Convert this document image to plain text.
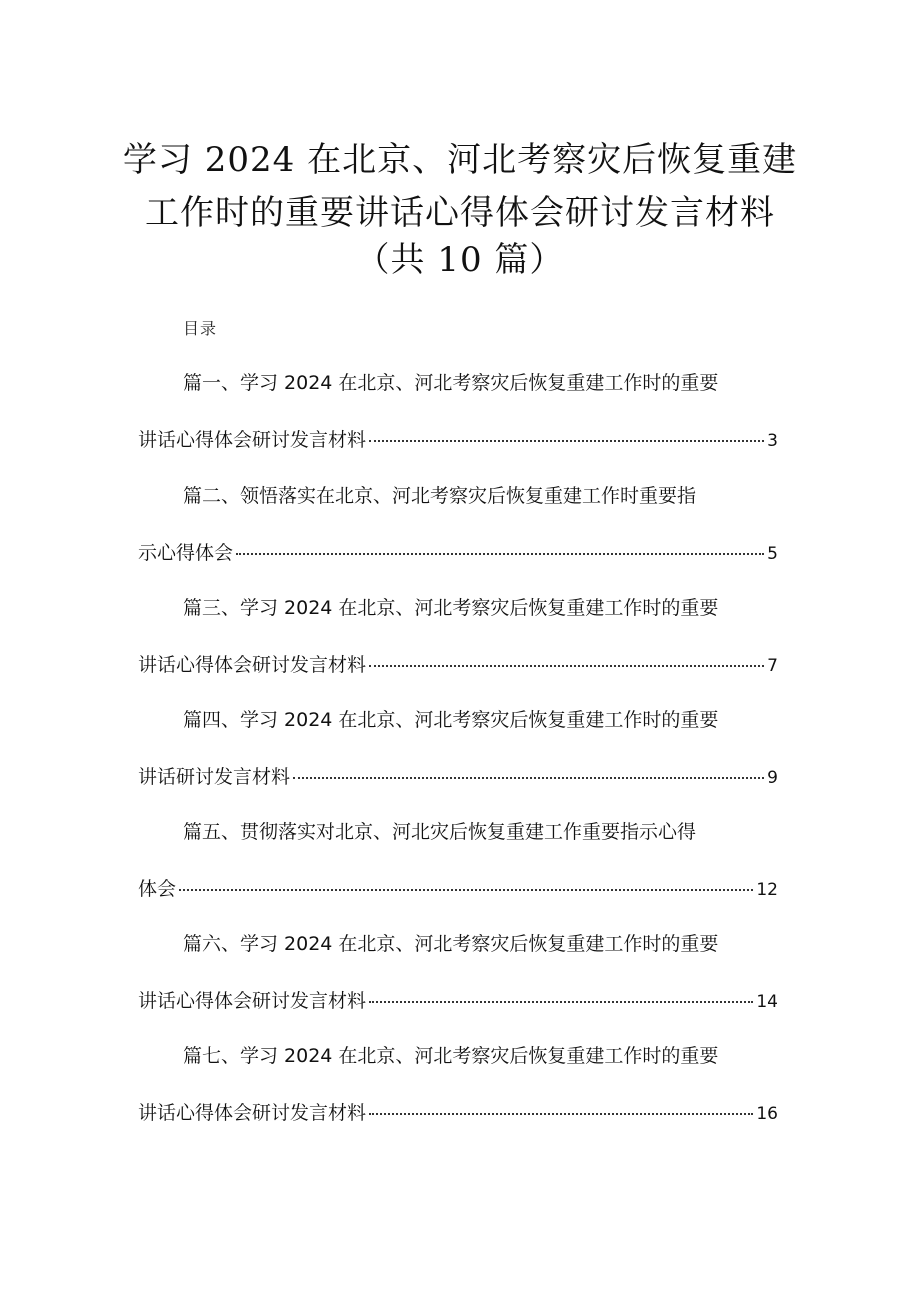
学习 2024 在北京、河北考察灾后恢复重建
工作时的重要讲话心得体会研讨发言材料
（共 10 篇）
目录
篇一、学习 2024 在北京、河北考察灾后恢复重建工作时的重要
讲话心得体会研讨发言材料	3
篇二、领悟落实在北京、河北考察灾后恢复重建工作时重要指
示心得体会	5
篇三、学习 2024 在北京、河北考察灾后恢复重建工作时的重要
讲话心得体会研讨发言材料	7
篇四、学习 2024 在北京、河北考察灾后恢复重建工作时的重要
讲话研讨发言材料	9
篇五、贯彻落实对北京、河北灾后恢复重建工作重要指示心得
体会	12
篇六、学习 2024 在北京、河北考察灾后恢复重建工作时的重要
讲话心得体会研讨发言材料	14
篇七、学习 2024 在北京、河北考察灾后恢复重建工作时的重要
讲话心得体会研讨发言材料	16
